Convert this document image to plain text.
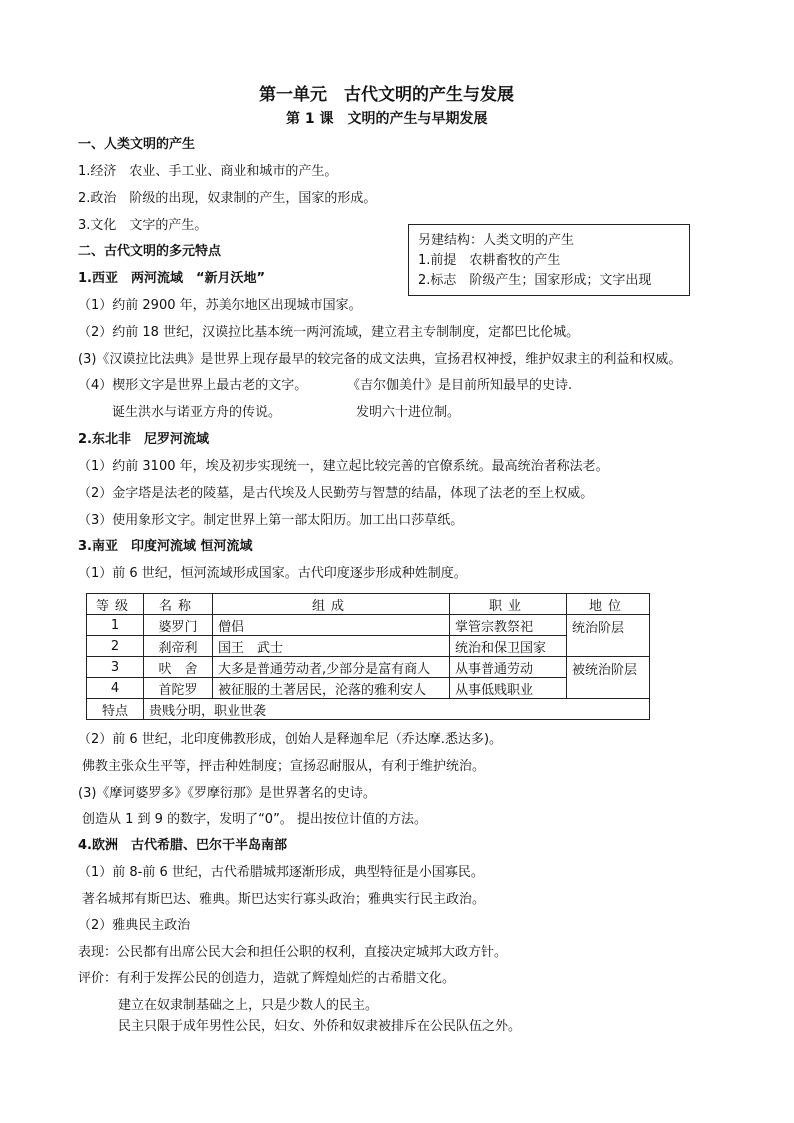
第一单元　古代文明的产生与发展
第 1 课　文明的产生与早期发展
一、人类文明的产生
1.经济　农业、手工业、商业和城市的产生。
2.政治　阶级的出现，奴隶制的产生，国家的形成。
3.文化　文字的产生。
另建结构：人类文明的产生
1.前提　农耕畜牧的产生
2.标志　阶级产生；国家形成；文字出现
二、古代文明的多元特点
1.西亚　两河流域　“新月沃地”
（1）约前 2900 年，苏美尔地区出现城市国家。
（2）约前 18 世纪，汉谟拉比基本统一两河流域，建立君主专制制度，定都巴比伦城。
(3)《汉谟拉比法典》是世界上现存最早的较完备的成文法典，宣扬君权神授，维护奴隶主的利益和权威。
（4）楔形文字是世界上最古老的文字。	《吉尔伽美什》是目前所知最早的史诗.
诞生洪水与诺亚方舟的传说。	发明六十进位制。
2.东北非　尼罗河流域
（1）约前 3100 年，埃及初步实现统一，建立起比较完善的官僚系统。最高统治者称法老。
（2）金字塔是法老的陵墓，是古代埃及人民勤劳与智慧的结晶，体现了法老的至上权威。
（3）使用象形文字。制定世界上第一部太阳历。加工出口莎草纸。
3.南亚　印度河流域 恒河流域
（1）前 6 世纪，恒河流域形成国家。古代印度逐步形成种姓制度。
等级	名称	组成	职业	地位
1	婆罗门	僧侣	掌管宗教祭祀	统治阶层
2	刹帝利	国王　武士	统治和保卫国家	
3	吠　舍	大多是普通劳动者,少部分是富有商人	从事普通劳动	被统治阶层
4	首陀罗	被征服的土著居民，沦落的雅利安人	从事低贱职业	
特点	贵贱分明，职业世袭			
（2）前 6 世纪，北印度佛教形成，创始人是释迦牟尼（乔达摩.悉达多)。
佛教主张众生平等，抨击种姓制度；宣扬忍耐服从，有利于维护统治。
(3)《摩诃婆罗多》《罗摩衍那》是世界著名的史诗。
创造从 1 到 9 的数字，发明了“0”。 提出按位计值的方法。
4.欧洲　古代希腊、巴尔干半岛南部
（1）前 8-前 6 世纪，古代希腊城邦逐渐形成，典型特征是小国寡民。
著名城邦有斯巴达、雅典。斯巴达实行寡头政治；雅典实行民主政治。
（2）雅典民主政治
表现：公民都有出席公民大会和担任公职的权利，直接决定城邦大政方针。
评价：有利于发挥公民的创造力，造就了辉煌灿烂的古希腊文化。
建立在奴隶制基础之上，只是少数人的民主。
民主只限于成年男性公民，妇女、外侨和奴隶被排斥在公民队伍之外。
